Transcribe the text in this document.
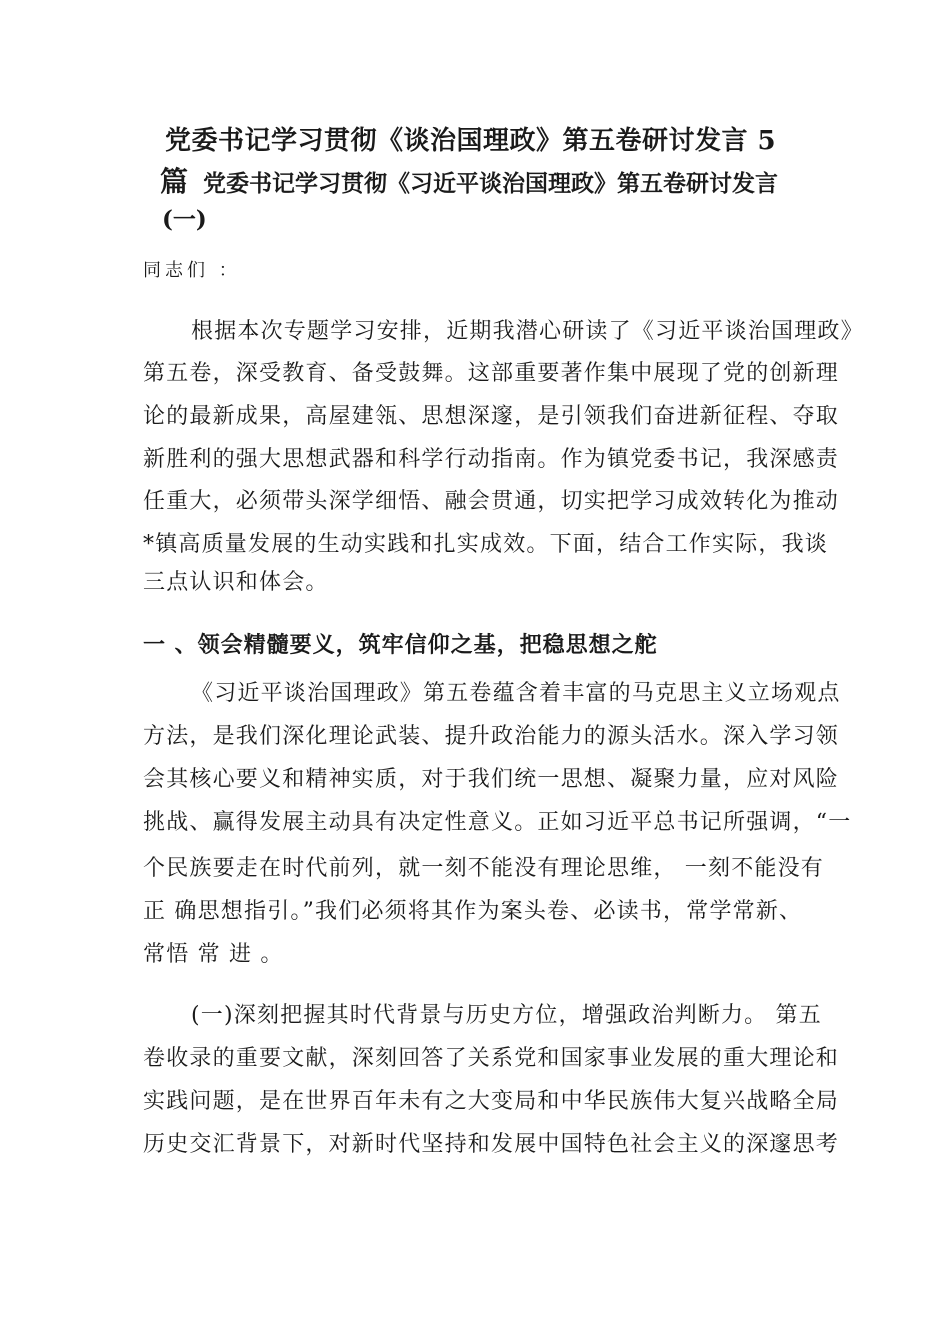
党委书记学习贯彻《谈治国理政》第五卷研讨发言 5
篇 党委书记学习贯彻《习近平谈治国理政》第五卷研讨发言
(一)
同志们 ：
根据本次专题学习安排，近期我潜心研读了《习近平谈治国理政》
第五卷，深受教育、备受鼓舞。这部重要著作集中展现了党的创新理
论的最新成果，高屋建瓴、思想深邃，是引领我们奋进新征程、夺取
新胜利的强大思想武器和科学行动指南。作为镇党委书记，我深感责
任重大，必须带头深学细悟、融会贯通，切实把学习成效转化为推动
*镇高质量发展的生动实践和扎实成效。下面，结合工作实际，我谈
三点认识和体会。
一 、领会精髓要义，筑牢信仰之基，把稳思想之舵
《习近平谈治国理政》第五卷蕴含着丰富的马克思主义立场观点
方法，是我们深化理论武装、提升政治能力的源头活水。深入学习领
会其核心要义和精神实质，对于我们统一思想、凝聚力量，应对风险
挑战、赢得发展主动具有决定性意义。正如习近平总书记所强调，“一
个民族要走在时代前列，就一刻不能没有理论思维， 一刻不能没有
正 确思想指引。”我们必须将其作为案头卷、必读书，常学常新、
常悟 常 进 。
(一)深刻把握其时代背景与历史方位，增强政治判断力。 第五
卷收录的重要文献，深刻回答了关系党和国家事业发展的重大理论和
实践问题，是在世界百年未有之大变局和中华民族伟大复兴战略全局
历史交汇背景下，对新时代坚持和发展中国特色社会主义的深邃思考
